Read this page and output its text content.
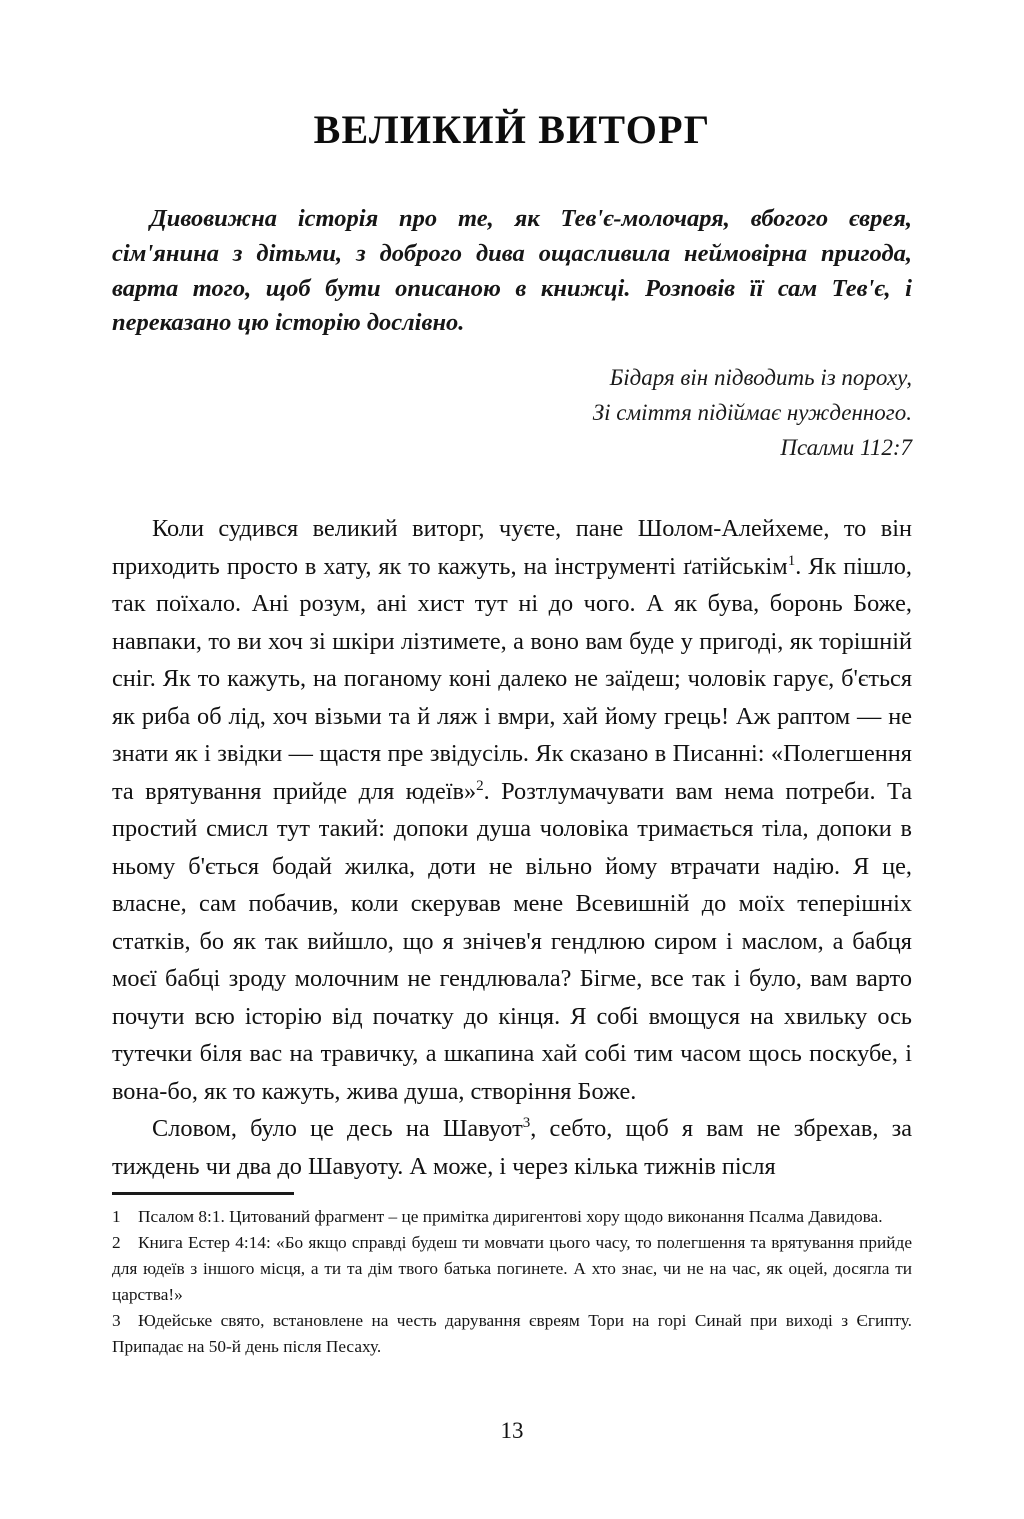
ВЕЛИКИЙ ВИТОРГ

Дивовижна історія про те, як Тев'є-молочаря, вбогого єврея, сім'янина з дітьми, з доброго дива ощасливила неймовірна пригода, варта того, щоб бути описаною в книжці. Розповів її сам Тев'є, і переказано цю історію дослівно.

Бідаря він підводить із пороху,
Зі сміття підіймає нужденного.
Псалми 112:7

Коли судився великий виторг, чуєте, пане Шолом-Алейхеме, то він приходить просто в хату, як то кажуть, на інструменті ґатійськім$^1$. Як пішло, так поїхало. Ані розум, ані хист тут ні до чого. А як бува, боронь Боже, навпаки, то ви хоч зі шкіри лізтимете, а воно вам буде у пригоді, як торішній сніг. Як то кажуть, на поганому коні далеко не заїдеш; чоловік гарує, б'ється як риба об лід, хоч візьми та й ляж і вмри, хай йому грець! Аж раптом — не знати як і звідки — щастя пре звідусіль. Як сказано в Писанні: «Полегшення та врятування прийде для юдеїв»$^2$. Розтлумачувати вам нема потреби. Та простий смисл тут такий: допоки душа чоловіка тримається тіла, допоки в ньому б'ється бодай жилка, доти не вільно йому втрачати надію. Я це, власне, сам побачив, коли скерував мене Всевишній до моїх теперішніх статків, бо як так вийшло, що я знічев'я гендлюю сиром і маслом, а бабця моєї бабці зроду молочним не гендлювала? Бігме, все так і було, вам варто почути всю історію від початку до кінця. Я собі вмощуся на хвильку ось тутечки біля вас на травичку, а шкапина хай собі тим часом щось поскубе, і вона-бо, як то кажуть, жива душа, створіння Боже.

Словом, було це десь на Шавуот$^3$, себто, щоб я вам не збрехав, за тиждень чи два до Шавуоту. А може, і через кілька тижнів після

1 Псалом 8:1. Цитований фрагмент – це примітка диригентові хору щодо виконання Псалма Давидова.

2 Книга Естер 4:14: «Бо якщо справді будеш ти мовчати цього часу, то полегшення та врятування прийде для юдеїв з іншого місця, а ти та дім твого батька погинете. А хто знає, чи не на час, як оцей, досягла ти царства!»

3 Юдейське свято, встановлене на честь дарування євреям Тори на горі Синай при виході з Єгипту. Припадає на 50-й день після Песаху.

13
